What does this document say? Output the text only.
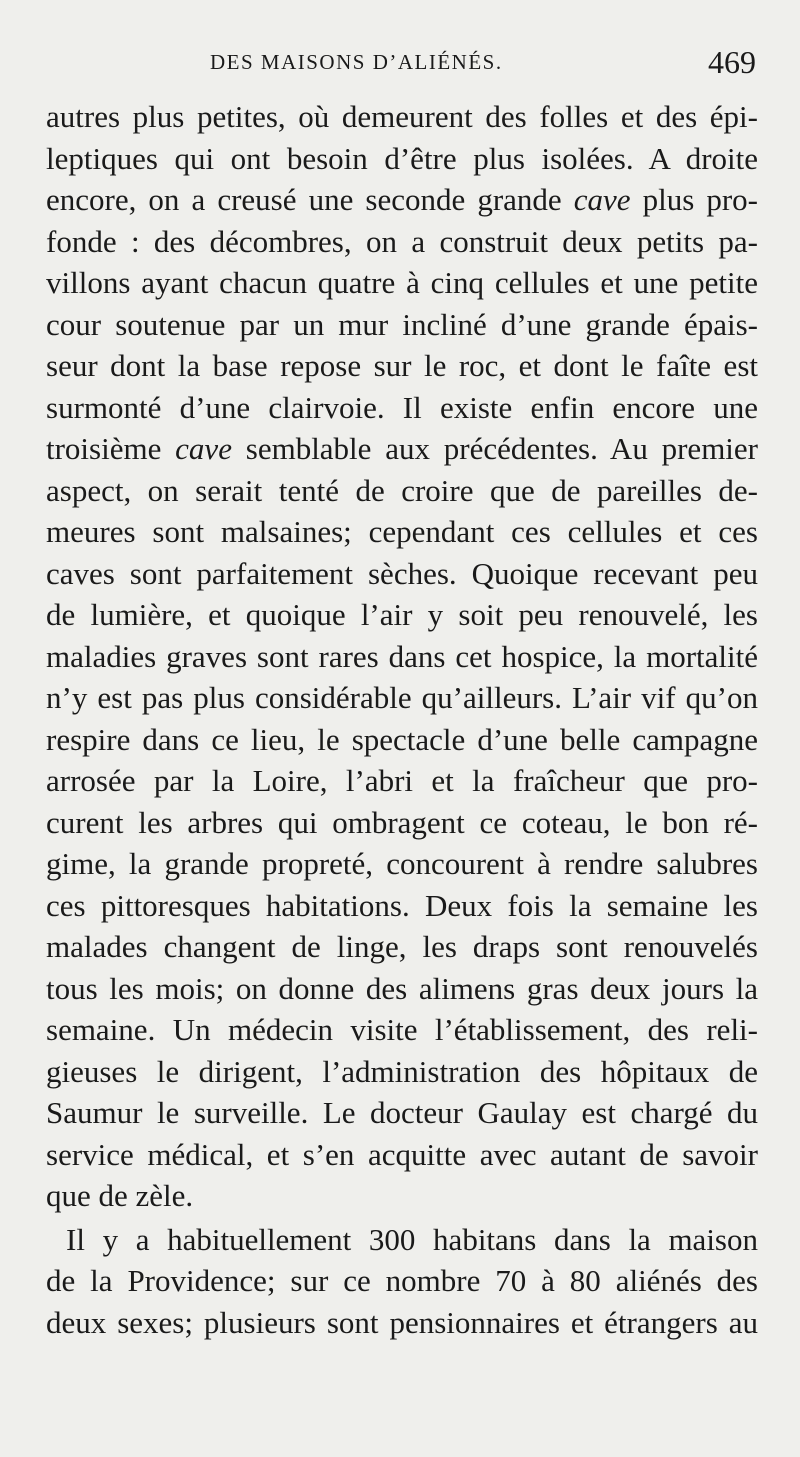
DES MAISONS D’ALIÉNÉS.	469
autres plus petites, où demeurent des folles et des épi-
leptiques qui ont besoin d’être plus isolées. A droite
encore, on a creusé une seconde grande cave plus pro-
fonde : des décombres, on a construit deux petits pa-
villons ayant chacun quatre à cinq cellules et une petite
cour soutenue par un mur incliné d’une grande épais-
seur dont la base repose sur le roc, et dont le faîte est
surmonté d’une clairvoie. Il existe enfin encore une
troisième cave semblable aux précédentes. Au premier
aspect, on serait tenté de croire que de pareilles de-
meures sont malsaines; cependant ces cellules et ces
caves sont parfaitement sèches. Quoique recevant peu
de lumière, et quoique l’air y soit peu renouvelé, les
maladies graves sont rares dans cet hospice, la mortalité
n’y est pas plus considérable qu’ailleurs. L’air vif qu’on
respire dans ce lieu, le spectacle d’une belle campagne
arrosée par la Loire, l’abri et la fraîcheur que pro-
curent les arbres qui ombragent ce coteau, le bon ré-
gime, la grande propreté, concourent à rendre salubres
ces pittoresques habitations. Deux fois la semaine les
malades changent de linge, les draps sont renouvelés
tous les mois; on donne des alimens gras deux jours la
semaine. Un médecin visite l’établissement, des reli-
gieuses le dirigent, l’administration des hôpitaux de
Saumur le surveille. Le docteur Gaulay est chargé du
service médical, et s’en acquitte avec autant de savoir
que de zèle.
Il y a habituellement 300 habitans dans la maison
de la Providence; sur ce nombre 70 à 80 aliénés des
deux sexes; plusieurs sont pensionnaires et étrangers au
